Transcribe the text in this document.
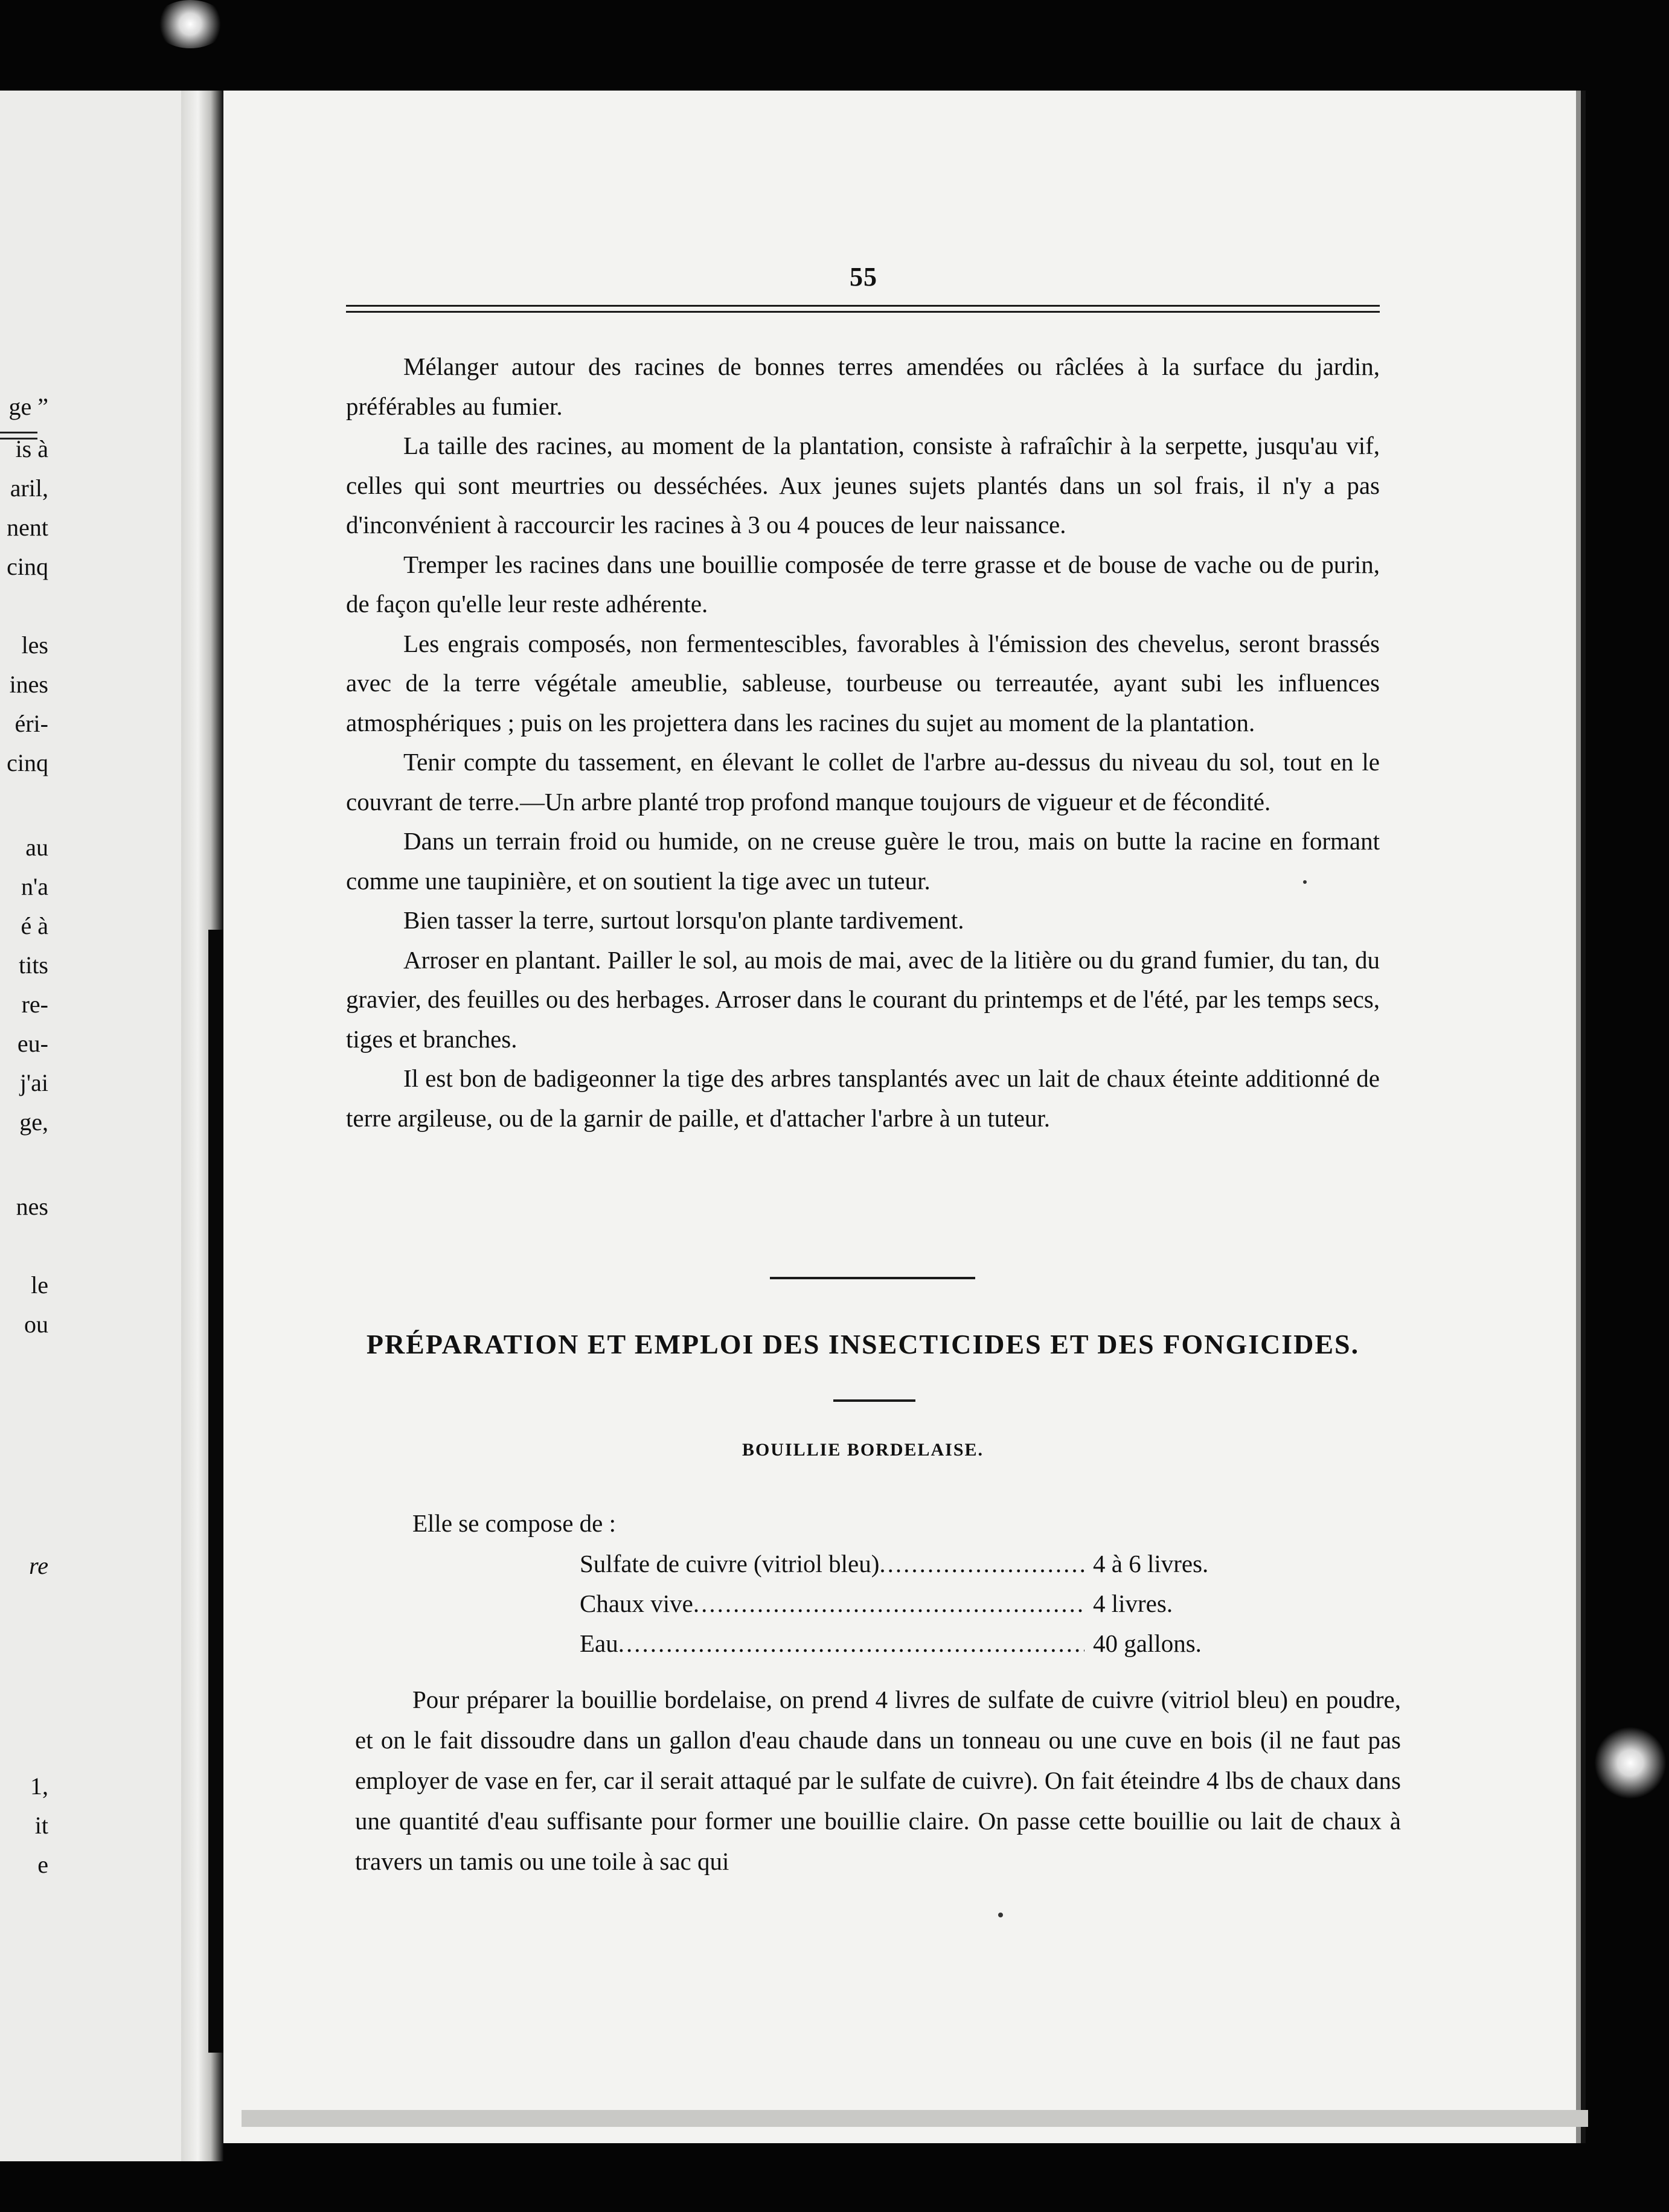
ge ”
is à
aril,
nent
cinq
les
ines
éri-
cinq
au
n'a
é à
tits
re-
eu-
j'ai
ge,
nes
le
ou
re
1,
it
e
55

Mélanger autour des racines de bonnes terres amendées ou râclées à la surface du jardin, préférables au fumier.

La taille des racines, au moment de la plantation, consiste à rafraîchir à la serpette, jusqu'au vif, celles qui sont meurtries ou desséchées. Aux jeunes sujets plantés dans un sol frais, il n'y a pas d'inconvénient à raccourcir les racines à 3 ou 4 pouces de leur naissance.

Tremper les racines dans une bouillie composée de terre grasse et de bouse de vache ou de purin, de façon qu'elle leur reste adhérente.

Les engrais composés, non fermentescibles, favorables à l'émission des chevelus, seront brassés avec de la terre végétale ameublie, sableuse, tourbeuse ou terreautée, ayant subi les influences atmosphériques ; puis on les projettera dans les racines du sujet au moment de la plantation.

Tenir compte du tassement, en élevant le collet de l'arbre au-dessus du niveau du sol, tout en le couvrant de terre.—Un arbre planté trop profond manque toujours de vigueur et de fécondité.

Dans un terrain froid ou humide, on ne creuse guère le trou, mais on butte la racine en formant comme une taupinière, et on soutient la tige avec un tuteur.

Bien tasser la terre, surtout lorsqu'on plante tardivement.

Arroser en plantant. Pailler le sol, au mois de mai, avec de la litière ou du grand fumier, du tan, du gravier, des feuilles ou des herbages. Arroser dans le courant du printemps et de l'été, par les temps secs, tiges et branches.

Il est bon de badigeonner la tige des arbres tansplantés avec un lait de chaux éteinte additionné de terre argileuse, ou de la garnir de paille, et d'attacher l'arbre à un tuteur.

PRÉPARATION ET EMPLOI DES INSECTICIDES ET DES FONGICIDES.
BOUILLIE BORDELAISE.
Elle se compose de :
Sulfate de cuivre (vitriol bleu) .....	4 à 6 livres.
Chaux vive .....	4 livres.
Eau .....	40 gallons.

Pour préparer la bouillie bordelaise, on prend 4 livres de sulfate de cuivre (vitriol bleu) en poudre, et on le fait dissoudre dans un gallon d'eau chaude dans un tonneau ou une cuve en bois (il ne faut pas employer de vase en fer, car il serait attaqué par le sulfate de cuivre). On fait éteindre 4 lbs de chaux dans une quantité d'eau suffisante pour former une bouillie claire. On passe cette bouillie ou lait de chaux à travers un tamis ou une toile à sac qui
